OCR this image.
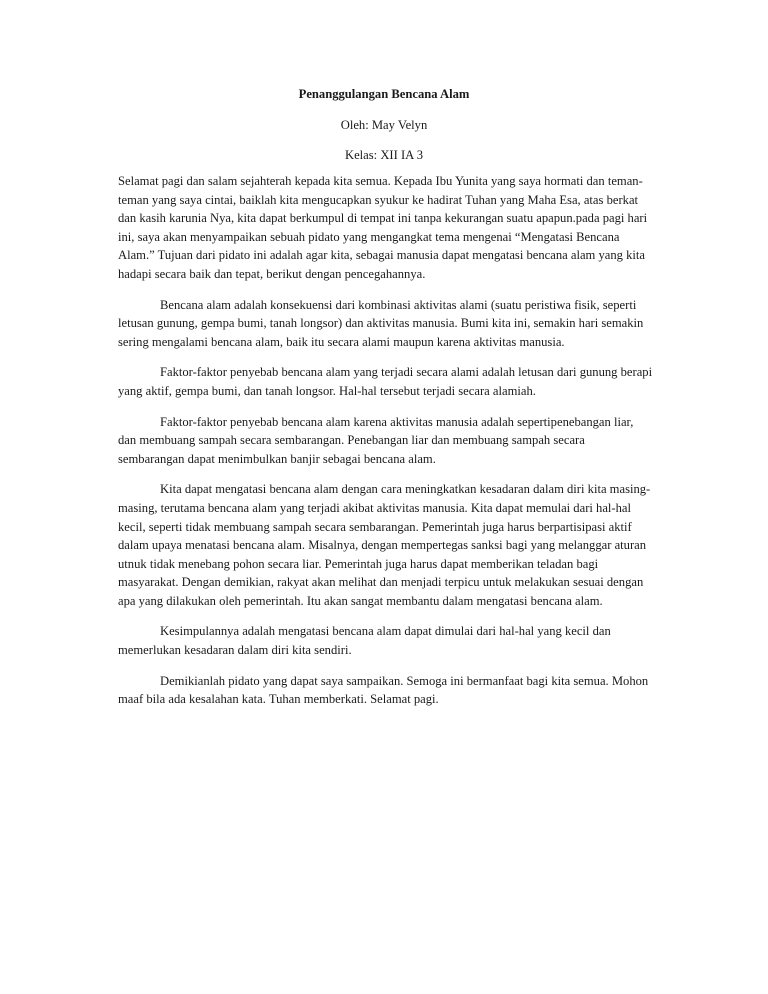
Penanggulangan Bencana Alam
Oleh: May Velyn
Kelas: XII IA 3

Selamat pagi dan salam sejahterah kepada kita semua. Kepada Ibu Yunita yang saya hormati dan teman-teman yang saya cintai, baiklah kita mengucapkan syukur ke hadirat Tuhan yang Maha Esa, atas berkat dan kasih karunia Nya, kita dapat berkumpul di tempat ini tanpa kekurangan suatu apapun.pada pagi hari ini, saya akan menyampaikan sebuah pidato yang mengangkat tema mengenai “Mengatasi Bencana Alam.” Tujuan dari pidato ini adalah agar kita, sebagai manusia dapat mengatasi bencana alam yang kita hadapi secara baik dan tepat, berikut dengan pencegahannya.

Bencana alam adalah konsekuensi dari kombinasi aktivitas alami (suatu peristiwa fisik, seperti letusan gunung, gempa bumi, tanah longsor) dan aktivitas manusia. Bumi kita ini, semakin hari semakin sering mengalami bencana alam, baik itu secara alami maupun karena aktivitas manusia.

Faktor-faktor penyebab bencana alam yang terjadi secara alami adalah letusan dari gunung berapi yang aktif, gempa bumi, dan tanah longsor. Hal-hal tersebut terjadi secara alamiah.

Faktor-faktor penyebab bencana alam karena aktivitas manusia adalah sepertipenebangan liar, dan membuang sampah secara sembarangan. Penebangan liar dan membuang sampah secara sembarangan dapat menimbulkan banjir sebagai bencana alam.

Kita dapat mengatasi bencana alam dengan cara meningkatkan kesadaran dalam diri kita masing-masing, terutama bencana alam yang terjadi akibat aktivitas manusia. Kita dapat memulai dari hal-hal kecil, seperti tidak membuang sampah secara sembarangan. Pemerintah juga harus berpartisipasi aktif dalam upaya menatasi bencana alam. Misalnya, dengan mempertegas sanksi bagi yang melanggar aturan utnuk tidak menebang pohon secara liar. Pemerintah juga harus dapat memberikan teladan bagi masyarakat. Dengan demikian, rakyat akan melihat dan menjadi terpicu untuk melakukan sesuai dengan apa yang dilakukan oleh pemerintah. Itu akan sangat membantu dalam mengatasi bencana alam.

Kesimpulannya adalah mengatasi bencana alam dapat dimulai dari hal-hal yang kecil dan memerlukan kesadaran dalam diri kita sendiri.

Demikianlah pidato yang dapat saya sampaikan. Semoga ini bermanfaat bagi kita semua. Mohon maaf bila ada kesalahan kata. Tuhan memberkati. Selamat pagi.
